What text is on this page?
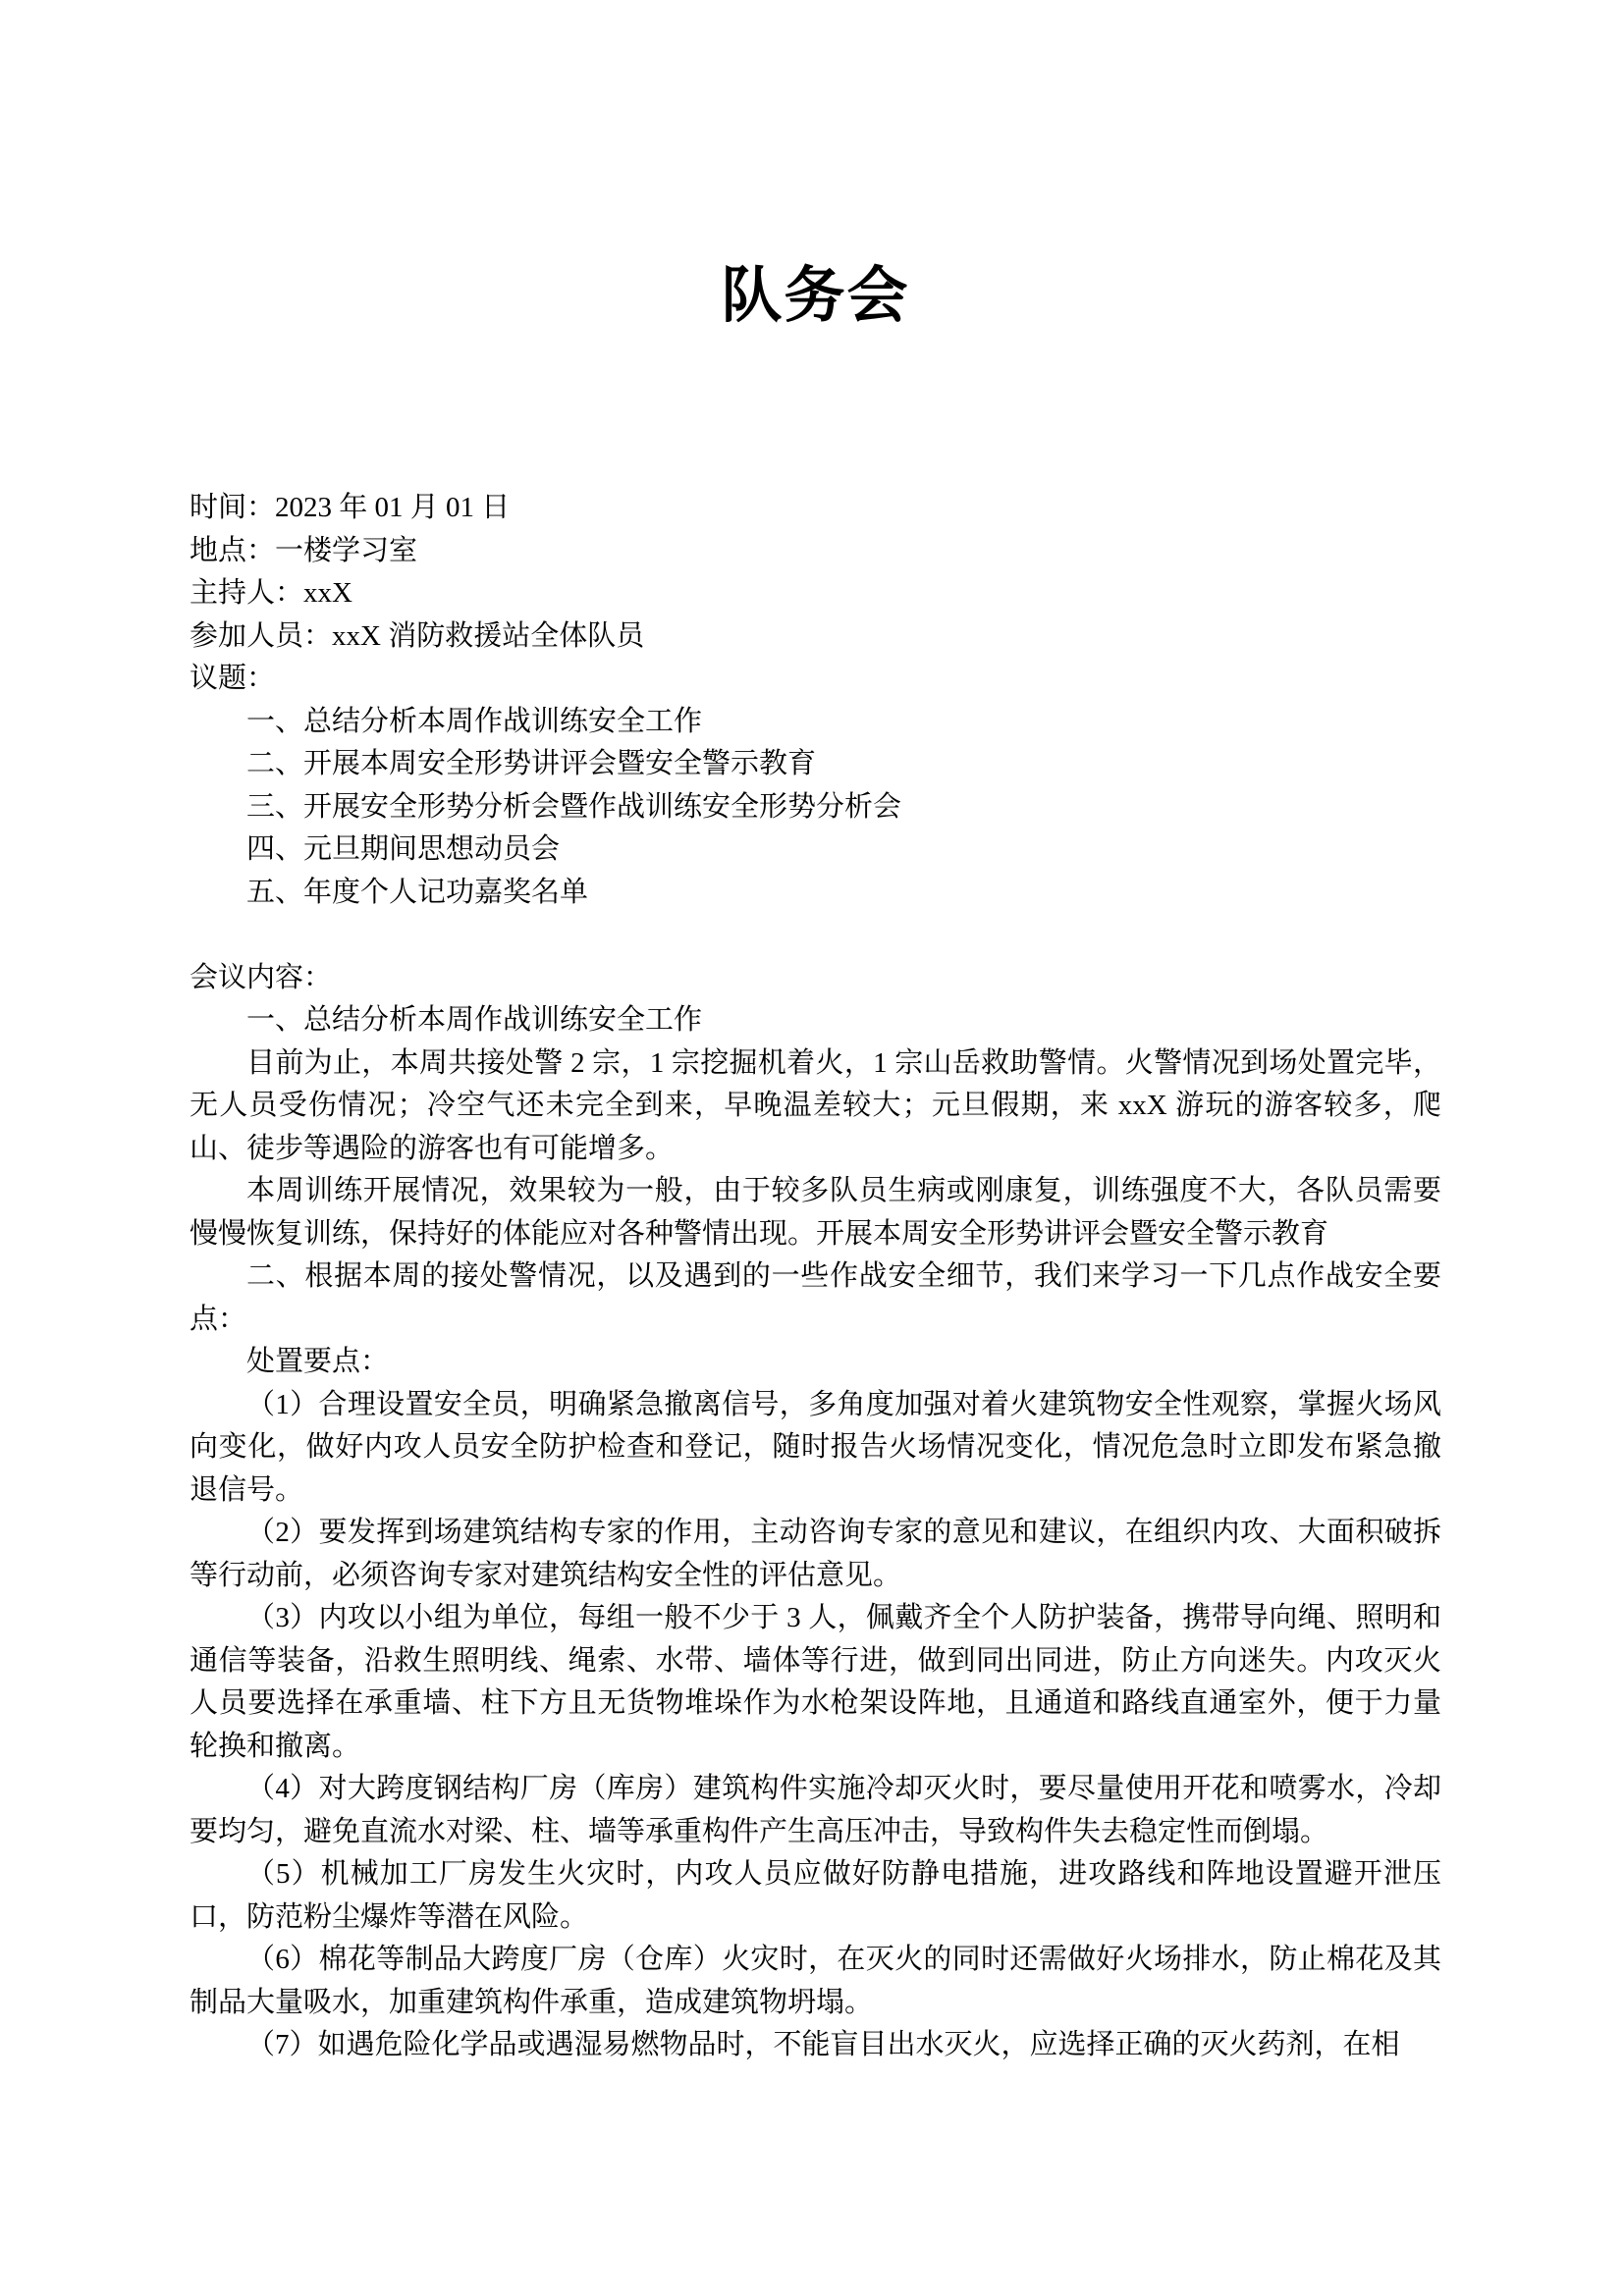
队务会

时间：2023 年 01 月 01 日

地点：一楼学习室

主持人：xxX

参加人员：xxX 消防救援站全体队员

议题：

一、总结分析本周作战训练安全工作

二、开展本周安全形势讲评会暨安全警示教育

三、开展安全形势分析会暨作战训练安全形势分析会

四、元旦期间思想动员会

五、年度个人记功嘉奖名单

会议内容：

一、总结分析本周作战训练安全工作

目前为止，本周共接处警 2 宗，1 宗挖掘机着火，1 宗山岳救助警情。火警情况到场处置完毕，无人员受伤情况；冷空气还未完全到来，早晚温差较大；元旦假期，来 xxX 游玩的游客较多，爬山、徒步等遇险的游客也有可能增多。

本周训练开展情况，效果较为一般，由于较多队员生病或刚康复，训练强度不大，各队员需要慢慢恢复训练，保持好的体能应对各种警情出现。开展本周安全形势讲评会暨安全警示教育

二、根据本周的接处警情况，以及遇到的一些作战安全细节，我们来学习一下几点作战安全要点：

处置要点：

（1）合理设置安全员，明确紧急撤离信号，多角度加强对着火建筑物安全性观察，掌握火场风向变化，做好内攻人员安全防护检查和登记，随时报告火场情况变化，情况危急时立即发布紧急撤退信号。

（2）要发挥到场建筑结构专家的作用，主动咨询专家的意见和建议，在组织内攻、大面积破拆等行动前，必须咨询专家对建筑结构安全性的评估意见。

（3）内攻以小组为单位，每组一般不少于 3 人，佩戴齐全个人防护装备，携带导向绳、照明和通信等装备，沿救生照明线、绳索、水带、墙体等行进，做到同出同进，防止方向迷失。内攻灭火人员要选择在承重墙、柱下方且无货物堆垛作为水枪架设阵地，且通道和路线直通室外，便于力量轮换和撤离。

（4）对大跨度钢结构厂房（库房）建筑构件实施冷却灭火时，要尽量使用开花和喷雾水，冷却要均匀，避免直流水对梁、柱、墙等承重构件产生高压冲击，导致构件失去稳定性而倒塌。

（5）机械加工厂房发生火灾时，内攻人员应做好防静电措施，进攻路线和阵地设置避开泄压口，防范粉尘爆炸等潜在风险。

（6）棉花等制品大跨度厂房（仓库）火灾时，在灭火的同时还需做好火场排水，防止棉花及其制品大量吸水，加重建筑构件承重，造成建筑物坍塌。

（7）如遇危险化学品或遇湿易燃物品时，不能盲目出水灭火，应选择正确的灭火药剂，在相
